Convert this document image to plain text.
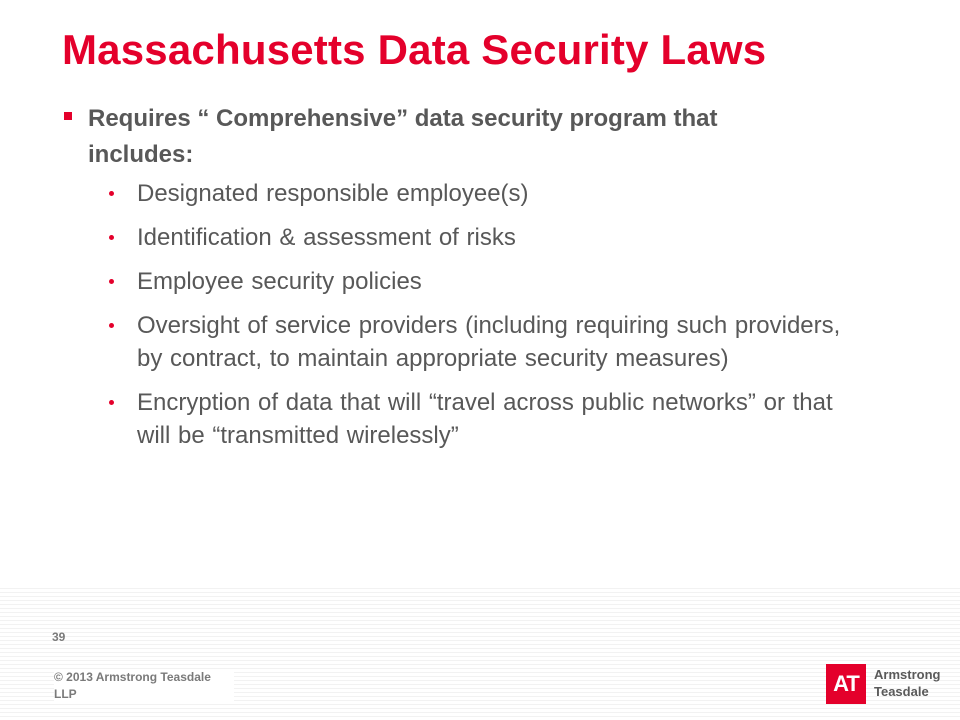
Massachusetts Data Security Laws
Requires “ Comprehensive” data security program that includes:
Designated responsible employee(s)
Identification & assessment of risks
Employee security policies
Oversight of service providers (including requiring such providers, by contract, to maintain appropriate security measures)
Encryption of data that will “travel across public networks” or that will be “transmitted wirelessly”
39
© 2013 Armstrong Teasdale LLP	AT	Armstrong
Teasdale
